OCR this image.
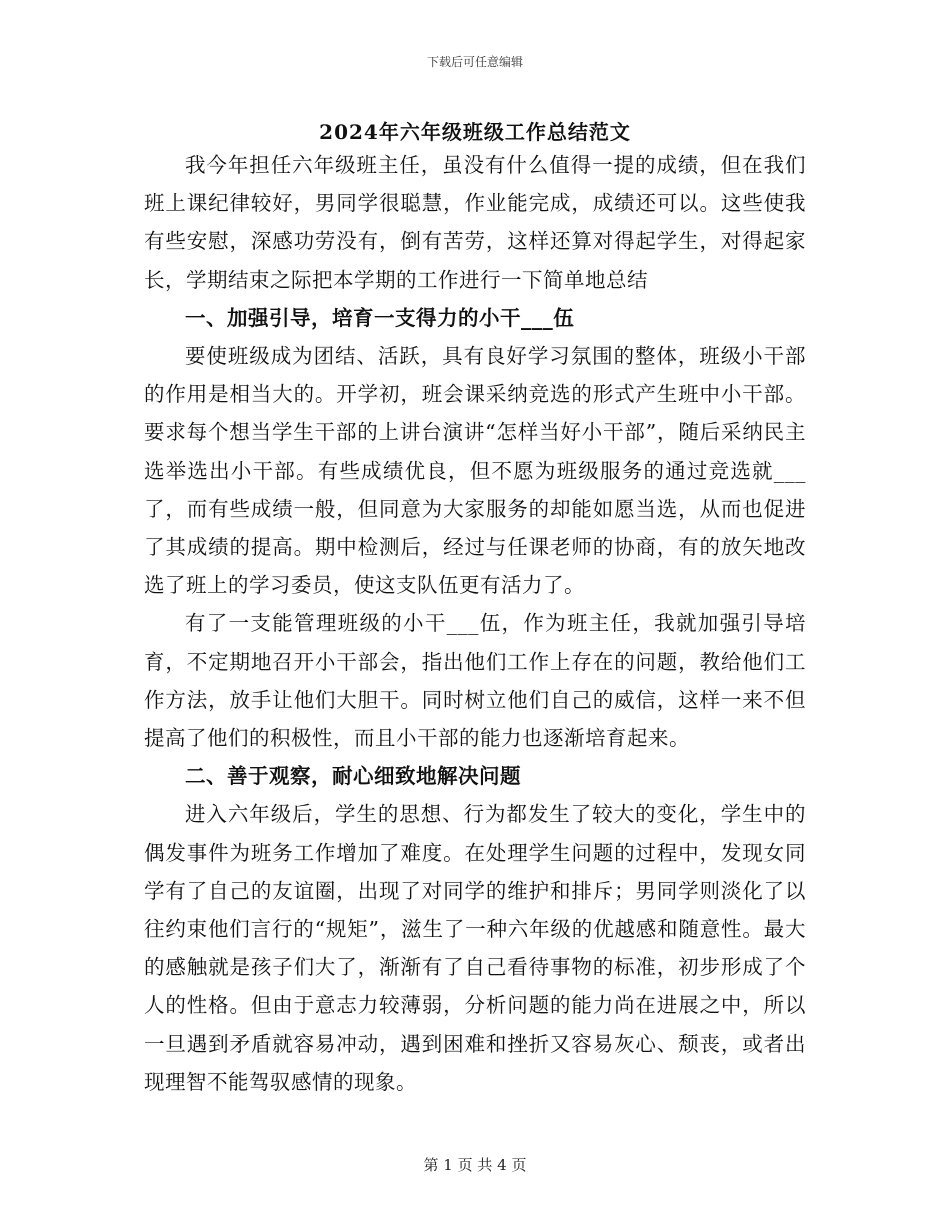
下载后可任意编辑
2024年六年级班级工作总结范文

我今年担任六年级班主任，虽没有什么值得一提的成绩，但在我们班上课纪律较好，男同学很聪慧，作业能完成，成绩还可以。这些使我有些安慰，深感功劳没有，倒有苦劳，这样还算对得起学生，对得起家长，学期结束之际把本学期的工作进行一下简单地总结

一、加强引导，培育一支得力的小干___伍

要使班级成为团结、活跃，具有良好学习氛围的整体，班级小干部的作用是相当大的。开学初，班会课采纳竞选的形式产生班中小干部。要求每个想当学生干部的上讲台演讲“怎样当好小干部”，随后采纳民主选举选出小干部。有些成绩优良，但不愿为班级服务的通过竞选就___了，而有些成绩一般，但同意为大家服务的却能如愿当选，从而也促进了其成绩的提高。期中检测后，经过与任课老师的协商，有的放矢地改选了班上的学习委员，使这支队伍更有活力了。

有了一支能管理班级的小干___伍，作为班主任，我就加强引导培育，不定期地召开小干部会，指出他们工作上存在的问题，教给他们工作方法，放手让他们大胆干。同时树立他们自己的威信，这样一来不但提高了他们的积极性，而且小干部的能力也逐渐培育起来。

二、善于观察，耐心细致地解决问题

进入六年级后，学生的思想、行为都发生了较大的变化，学生中的偶发事件为班务工作增加了难度。在处理学生问题的过程中，发现女同学有了自己的友谊圈，出现了对同学的维护和排斥；男同学则淡化了以往约束他们言行的“规矩”，滋生了一种六年级的优越感和随意性。最大的感触就是孩子们大了，渐渐有了自己看待事物的标准，初步形成了个人的性格。但由于意志力较薄弱，分析问题的能力尚在进展之中，所以一旦遇到矛盾就容易冲动，遇到困难和挫折又容易灰心、颓丧，或者出现理智不能驾驭感情的现象。

第 1 页 共 4 页
